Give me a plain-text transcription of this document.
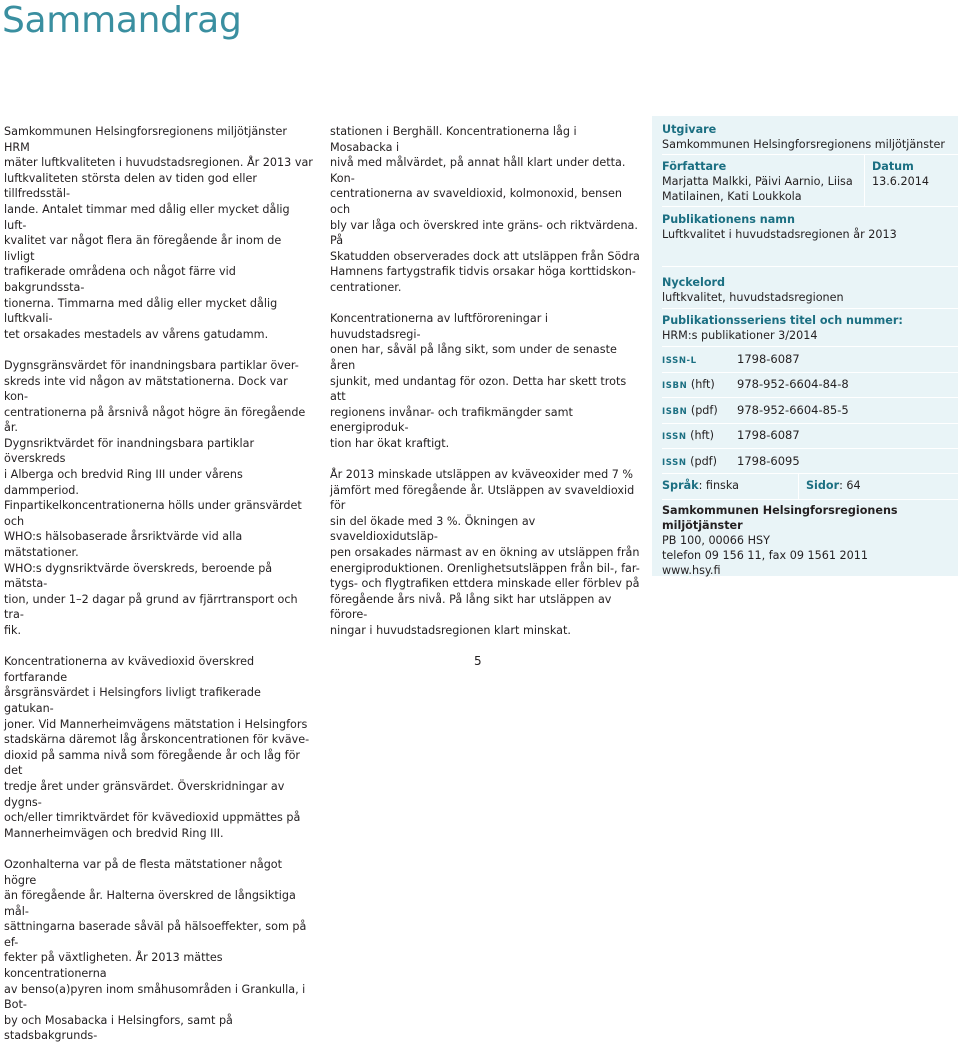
Sammandrag

Samkommunen Helsingforsregionens miljötjänster HRM
mäter luftkvaliteten i huvudstadsregionen. År 2013 var
luftkvaliteten största delen av tiden god eller tillfredsstäl-
lande. Antalet timmar med dålig eller mycket dålig luft-
kvalitet var något flera än föregående år inom de livligt
trafikerade områdena och något färre vid bakgrundssta-
tionerna. Timmarna med dålig eller mycket dålig luftkvali-
tet orsakades mestadels av vårens gatudamm.

Dygnsgränsvärdet för inandningsbara partiklar över-
skreds inte vid någon av mätstationerna. Dock var kon-
centrationerna på årsnivå något högre än föregående år.
Dygnsriktvärdet för inandningsbara partiklar överskreds
i Alberga och bredvid Ring III under vårens dammperiod.
Finpartikelkoncentrationerna hölls under gränsvärdet och
WHO:s hälsobaserade årsriktvärde vid alla mätstationer.
WHO:s dygnsriktvärde överskreds, beroende på mätsta-
tion, under 1–2 dagar på grund av fjärrtransport och tra-
fik.

Koncentrationerna av kvävedioxid överskred fortfarande
årsgränsvärdet i Helsingfors livligt trafikerade gatukan-
joner. Vid Mannerheimvägens mätstation i Helsingfors
stadskärna däremot låg årskoncentrationen för kväve-
dioxid på samma nivå som föregående år och låg för det
tredje året under gränsvärdet. Överskridningar av dygns-
och/eller timriktvärdet för kvävedioxid uppmättes på
Mannerheimvägen och bredvid Ring III.

Ozonhalterna var på de flesta mätstationer något högre
än föregående år. Halterna överskred de långsiktiga mål-
sättningarna baserade såväl på hälsoeffekter, som på ef-
fekter på växtligheten. År 2013 mättes koncentrationerna
av benso(a)pyren inom småhusområden i Grankulla, i Bot-
by och Mosabacka i Helsingfors, samt på stadsbakgrunds-

stationen i Berghäll. Koncentrationerna låg i Mosabacka i
nivå med målvärdet, på annat håll klart under detta. Kon-
centrationerna av svaveldioxid, kolmonoxid, bensen och
bly var låga och överskred inte gräns- och riktvärdena. På
Skatudden observerades dock att utsläppen från Södra
Hamnens fartygstrafik tidvis orsakar höga korttidskon-
centrationer.

Koncentrationerna av luftföroreningar i huvudstadsregi-
onen har, såväl på lång sikt, som under de senaste åren
sjunkit, med undantag för ozon. Detta har skett trots att
regionens invånar- och trafikmängder samt energiproduk-
tion har ökat kraftigt.

År 2013 minskade utsläppen av kväveoxider med 7 %
jämfört med föregående år. Utsläppen av svaveldioxid för
sin del ökade med 3 %. Ökningen av svaveldioxidutsläp-
pen orsakades närmast av en ökning av utsläppen från
energiproduktionen. Orenlighetsutsläppen från bil-, far-
tygs- och flygtrafiken ettdera minskade eller förblev på
föregående års nivå. På lång sikt har utsläppen av förore-
ningar i huvudstadsregionen klart minskat.

Utgivare
Samkommunen Helsingforsregionens miljötjänster
Författare
Marjatta Malkki, Päivi Aarnio, Liisa
Matilainen, Kati Loukkola
Datum
13.6.2014
Publikationens namn
Luftkvalitet i huvudstadsregionen år 2013
Nyckelord
luftkvalitet, huvudstadsregionen
Publikationsseriens titel och nummer:
HRM:s publikationer 3/2014
ISSN-L	1798-6087
ISBN (hft) 978-952-6604-84-8
ISBN (pdf) 978-952-6604-85-5
ISSN (hft) 1798-6087
ISSN (pdf) 1798-6095
Språk: finska	Sidor: 64
Samkommunen Helsingforsregionens miljötjänster
PB 100, 00066 HSY
telefon 09 156 11, fax 09 1561 2011
www.hsy.fi
5
